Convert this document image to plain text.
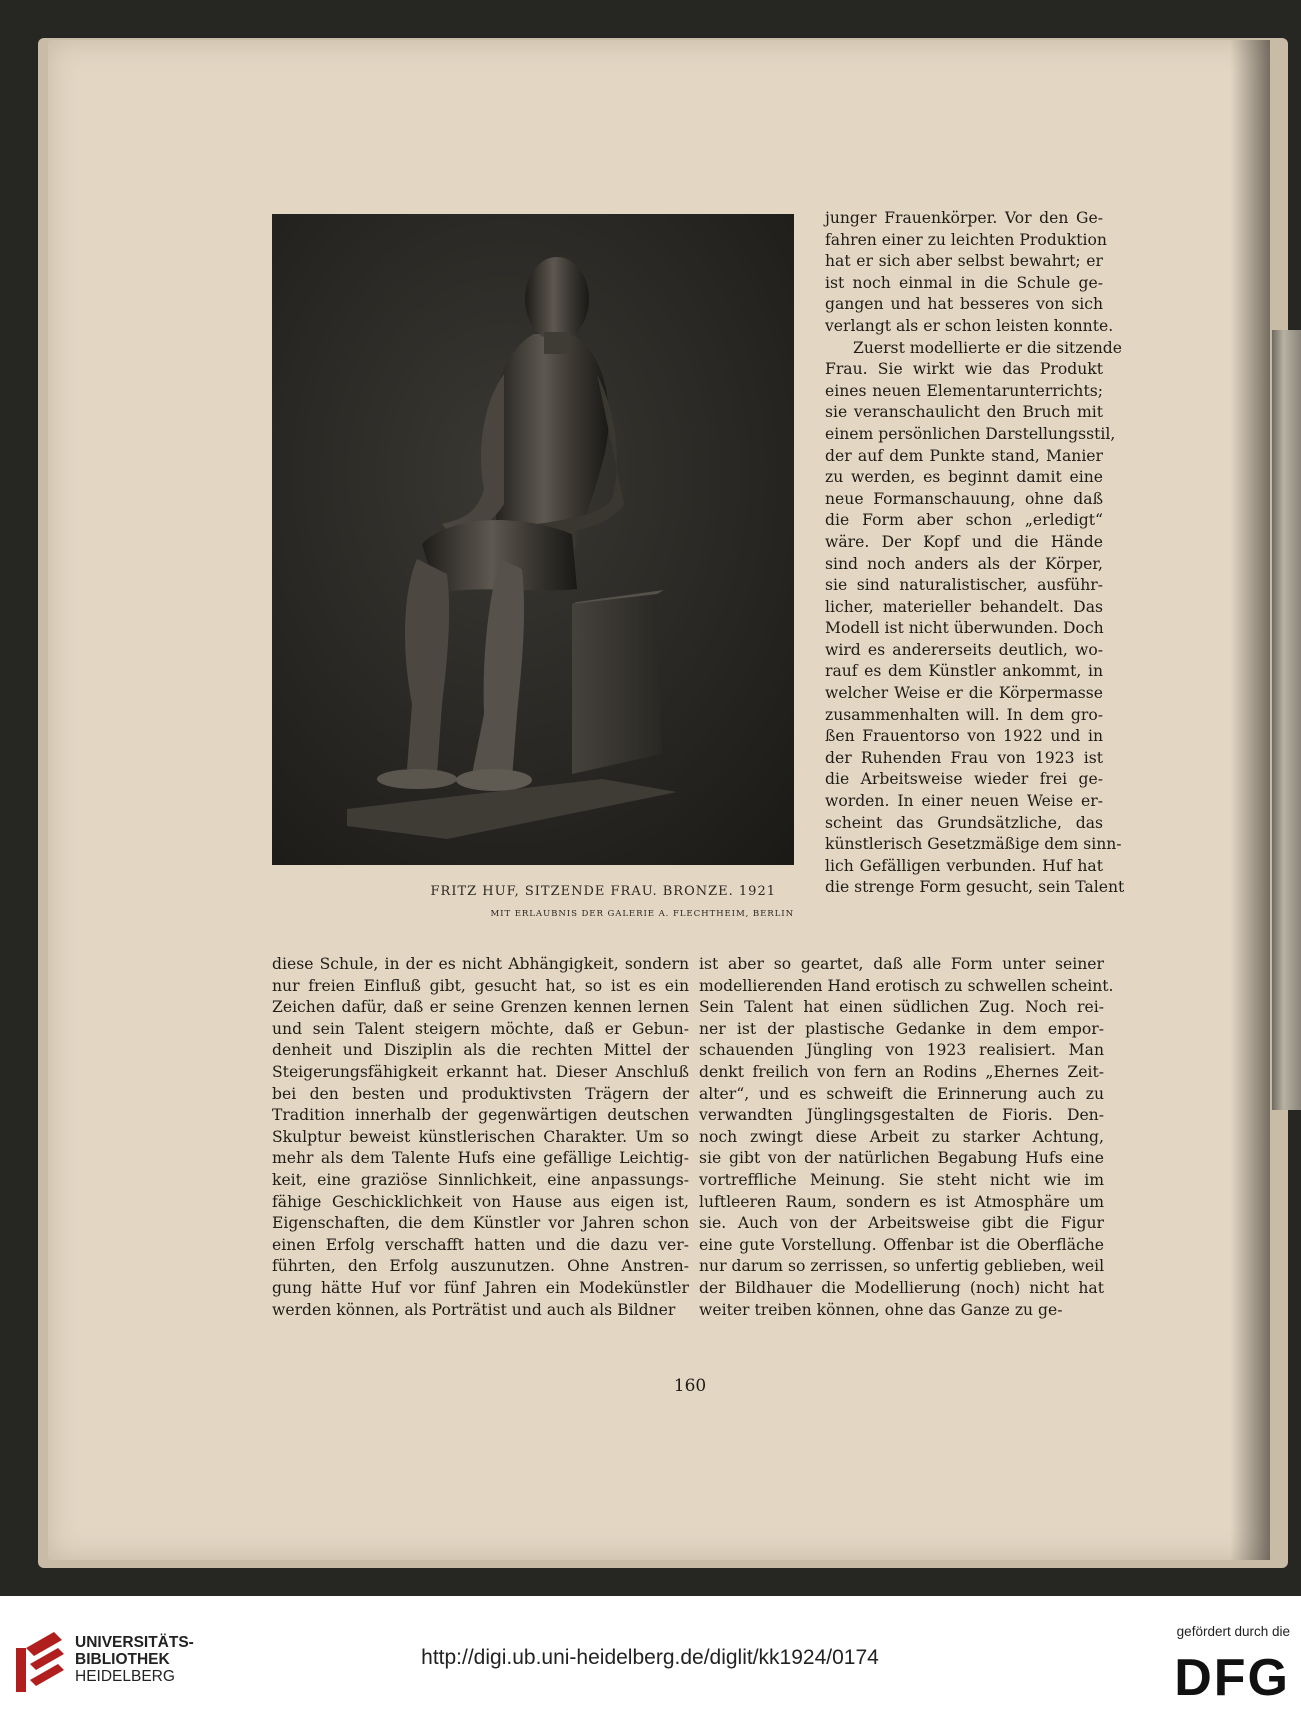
FRITZ HUF, SITZENDE FRAU. BRONZE. 1921
MIT ERLAUBNIS DER GALERIE A. FLECHTHEIM, BERLIN
junger Frauenkörper. Vor den Ge-
fahren einer zu leichten Produktion
hat er sich aber selbst bewahrt; er
ist noch einmal in die Schule ge-
gangen und hat besseres von sich
verlangt als er schon leisten konnte.
Zuerst modellierte er die sitzende
Frau. Sie wirkt wie das Produkt
eines neuen Elementarunterrichts;
sie veranschaulicht den Bruch mit
einem persönlichen Darstellungsstil,
der auf dem Punkte stand, Manier
zu werden, es beginnt damit eine
neue Formanschauung, ohne daß
die Form aber schon „erledigt“
wäre. Der Kopf und die Hände
sind noch anders als der Körper,
sie sind naturalistischer, ausführ-
licher, materieller behandelt. Das
Modell ist nicht überwunden. Doch
wird es andererseits deutlich, wo-
rauf es dem Künstler ankommt, in
welcher Weise er die Körpermasse
zusammenhalten will. In dem gro-
ßen Frauentorso von 1922 und in
der Ruhenden Frau von 1923 ist
die Arbeitsweise wieder frei ge-
worden. In einer neuen Weise er-
scheint das Grundsätzliche, das
künstlerisch Gesetzmäßige dem sinn-
lich Gefälligen verbunden. Huf hat
die strenge Form gesucht, sein Talent
diese Schule, in der es nicht Abhängigkeit, sondern
nur freien Einfluß gibt, gesucht hat, so ist es ein
Zeichen dafür, daß er seine Grenzen kennen lernen
und sein Talent steigern möchte, daß er Gebun-
denheit und Disziplin als die rechten Mittel der
Steigerungsfähigkeit erkannt hat. Dieser Anschluß
bei den besten und produktivsten Trägern der
Tradition innerhalb der gegenwärtigen deutschen
Skulptur beweist künstlerischen Charakter. Um so
mehr als dem Talente Hufs eine gefällige Leichtig-
keit, eine graziöse Sinnlichkeit, eine anpassungs-
fähige Geschicklichkeit von Hause aus eigen ist,
Eigenschaften, die dem Künstler vor Jahren schon
einen Erfolg verschafft hatten und die dazu ver-
führten, den Erfolg auszunutzen. Ohne Anstren-
gung hätte Huf vor fünf Jahren ein Modekünstler
werden können, als Porträtist und auch als Bildner
ist aber so geartet, daß alle Form unter seiner
modellierenden Hand erotisch zu schwellen scheint.
Sein Talent hat einen südlichen Zug. Noch rei-
ner ist der plastische Gedanke in dem empor-
schauenden Jüngling von 1923 realisiert. Man
denkt freilich von fern an Rodins „Ehernes Zeit-
alter“, und es schweift die Erinnerung auch zu
verwandten Jünglingsgestalten de Fioris. Den-
noch zwingt diese Arbeit zu starker Achtung,
sie gibt von der natürlichen Begabung Hufs eine
vortreffliche Meinung. Sie steht nicht wie im
luftleeren Raum, sondern es ist Atmosphäre um
sie. Auch von der Arbeitsweise gibt die Figur
eine gute Vorstellung. Offenbar ist die Oberfläche
nur darum so zerrissen, so unfertig geblieben, weil
der Bildhauer die Modellierung (noch) nicht hat
weiter treiben können, ohne das Ganze zu ge-
160
UNIVERSITÄTS-
BIBLIOTHEK
HEIDELBERG
http://digi.ub.uni-heidelberg.de/diglit/kk1924/0174
gefördert durch die
DFG
